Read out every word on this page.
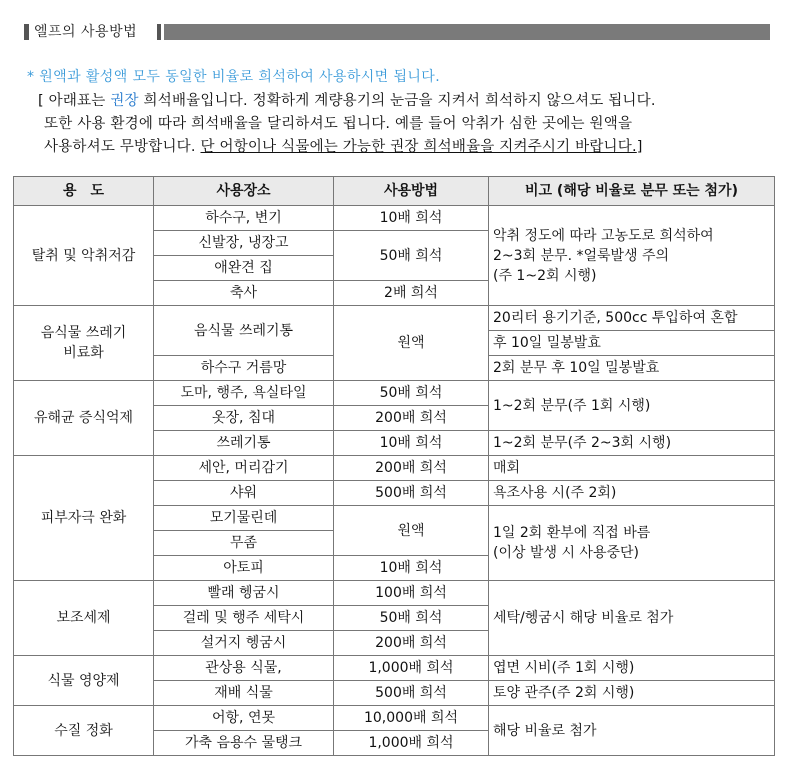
엘프의 사용방법
* 원액과 활성액 모두 동일한 비율로 희석하여 사용하시면 됩니다.
[ 아래표는 권장 희석배율입니다. 정확하게 계량용기의 눈금을 지켜서 희석하지 않으셔도 됩니다.
또한 사용 환경에 따라 희석배율을 달리하셔도 됩니다. 예를 들어 악취가 심한 곳에는 원액을
사용하셔도 무방합니다. 단 어항이나 식물에는 가능한 권장 희석배율을 지켜주시기 바랍니다.]
용　도	사용장소	사용방법	비고 (해당 비율로 분무 또는 첨가)
탈취 및 악취저감	하수구, 변기	10배 희석	악취 정도에 따라 고농도로 희석하여
2~3회 분무. *얼룩발생 주의
(주 1~2회 시행)

	신발장, 냉장고	50배 희석	
	애완견 집		
	축사	2배 희석	

음식물 쓰레기
비료화	음식물 쓰레기통	원액	20리터 용기기준, 500cc 투입하여 혼합
			후 10일 밀봉발효
	하수구 거름망		2회 분무 후 10일 밀봉발효
유해균 증식억제	도마, 행주, 욕실타일	50배 희석	1~2회 분무(주 1회 시행)
	옷장, 침대	200배 희석	
	쓰레기통	10배 희석	1~2회 분무(주 2~3회 시행)
피부자극 완화	세안, 머리감기	200배 희석	매회
	샤워	500배 희석	욕조사용 시(주 2회)
	모기물린데	원액	1일 2회 환부에 직접 바름
(이상 발생 시 사용중단)

	무좀		
	아토피	10배 희석	
보조세제	빨래 헹굼시	100배 희석	세탁/헹굼시 해당 비율로 첨가
	걸레 및 행주 세탁시	50배 희석	
	설거지 헹굼시	200배 희석	
식물 영양제	관상용 식물,	1,000배 희석	엽면 시비(주 1회 시행)
	재배 식물	500배 희석	토양 관주(주 2회 시행)
수질 정화	어항, 연못	10,000배 희석	해당 비율로 첨가
	가축 음용수 물탱크	1,000배 희석	
